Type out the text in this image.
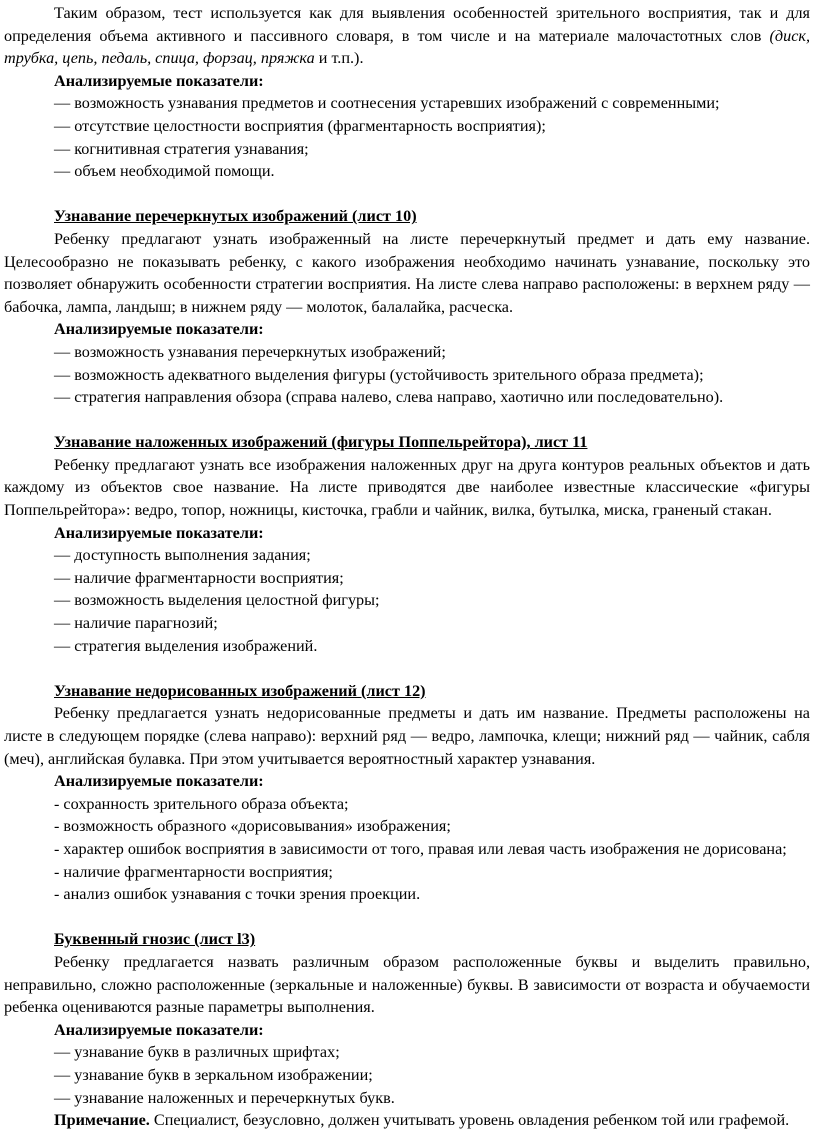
Таким образом, тест используется как для выявления особенностей зрительного восприятия, так и для определения объема активного и пассивного словаря, в том числе и на материале малочастотных слов (диск, трубка, цепь, педаль, спица, форзац, пряжка и т.п.).

Анализируемые показатели:

— возможность узнавания предметов и соотнесения устаревших изображений с современными;

— отсутствие целостности восприятия (фрагментарность восприятия);

— когнитивная стратегия узнавания;

— объем необходимой помощи.

Узнавание перечеркнутых изображений (лист 10)

Ребенку предлагают узнать изображенный на листе перечеркнутый предмет и дать ему название. Целесообразно не показывать ребенку, с какого изображения необходимо начинать узнавание, поскольку это позволяет обнаружить особенности стратегии восприятия. На листе слева направо расположены: в верхнем ряду — бабочка, лампа, ландыш; в нижнем ряду — молоток, балалайка, расческа.

Анализируемые показатели:

— возможность узнавания перечеркнутых изображений;

— возможность адекватного выделения фигуры (устойчивость зрительного образа предмета);

— стратегия направления обзора (справа налево, слева направо, хаотично или последовательно).

Узнавание наложенных изображений (фигуры Поппельрейтора), лист 11

Ребенку предлагают узнать все изображения наложенных друг на друга контуров реальных объектов и дать каждому из объектов свое название. На листе приводятся две наиболее известные классические «фигуры Поппельрейтора»: ведро, топор, ножницы, кисточка, грабли и чайник, вилка, бутылка, миска, граненый стакан.

Анализируемые показатели:

— доступность выполнения задания;

— наличие фрагментарности восприятия;

— возможность выделения целостной фигуры;

— наличие парагнозий;

— стратегия выделения изображений.

Узнавание недорисованных изображений (лист 12)

Ребенку предлагается узнать недорисованные предметы и дать им название. Предметы расположены на листе в следующем порядке (слева направо): верхний ряд — ведро, лампочка, клещи; нижний ряд — чайник, сабля (меч), английская булавка. При этом учитывается вероятностный характер узнавания.

Анализируемые показатели:

- сохранность зрительного образа объекта;

- возможность образного «дорисовывания» изображения;

- характер ошибок восприятия в зависимости от того, правая или левая часть изображения не дорисована;

- наличие фрагментарности восприятия;

- анализ ошибок узнавания с точки зрения проекции.

Буквенный гнозис (лист l3)

Ребенку предлагается назвать различным образом расположенные буквы и выделить правильно, неправильно, сложно расположенные (зеркальные и наложенные) буквы. В зависимости от возраста и обучаемости ребенка оцениваются разные параметры выполнения.

Анализируемые показатели:

— узнавание букв в различных шрифтах;

— узнавание букв в зеркальном изображении;

— узнавание наложенных и перечеркнутых букв.

Примечание. Специалист, безусловно, должен учитывать уровень овладения ребенком той или графемой.
